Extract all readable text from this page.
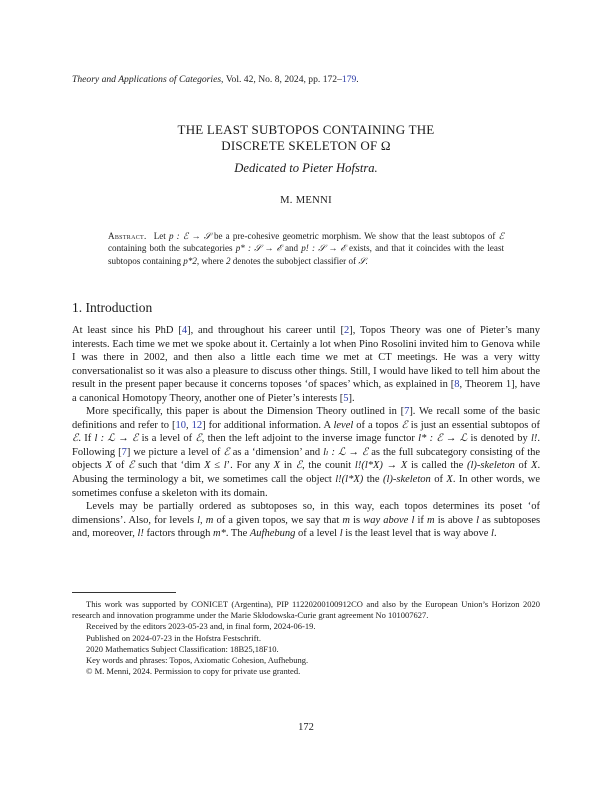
Theory and Applications of Categories, Vol. 42, No. 8, 2024, pp. 172–179.
THE LEAST SUBTOPOS CONTAINING THE
DISCRETE SKELETON OF Ω
Dedicated to Pieter Hofstra.
M. MENNI
Abstract. Let p : ℰ → 𝒮 be a pre-cohesive geometric morphism. We show that the least subtopos of ℰ containing both the subcategories p* : 𝒮 → ℰ and p! : 𝒮 → ℰ exists, and that it coincides with the least subtopos containing p*2, where 2 denotes the subobject classifier of 𝒮.
1. Introduction

At least since his PhD [4], and throughout his career until [2], Topos Theory was one of Pieter’s many interests. Each time we met we spoke about it. Certainly a lot when Pino Rosolini invited him to Genova while I was there in 2002, and then also a little each time we met at CT meetings. He was a very witty conversationalist so it was also a pleasure to discuss other things. Still, I would have liked to tell him about the result in the present paper because it concerns toposes ‘of spaces’ which, as explained in [8, Theorem 1], have a canonical Homotopy Theory, another one of Pieter’s interests [5].

More specifically, this paper is about the Dimension Theory outlined in [7]. We recall some of the basic definitions and refer to [10, 12] for additional information. A level of a topos ℰ is just an essential subtopos of ℰ. If l : ℒ → ℰ is a level of ℰ, then the left adjoint to the inverse image functor l* : ℰ → ℒ is denoted by l!. Following [7] we picture a level of ℰ as a ‘dimension’ and lₗ : ℒ → ℰ as the full subcategory consisting of the objects X of ℰ such that ‘dim X ≤ l’. For any X in ℰ, the counit l!(l*X) → X is called the (l)-skeleton of X. Abusing the terminology a bit, we sometimes call the object l!(l*X) the (l)-skeleton of X. In other words, we sometimes confuse a skeleton with its domain.

Levels may be partially ordered as subtoposes so, in this way, each topos determines its poset ‘of dimensions’. Also, for levels l, m of a given topos, we say that m is way above l if m is above l as subtoposes and, moreover, l! factors through m*. The Aufhebung of a level l is the least level that is way above l.

This work was supported by CONICET (Argentina), PIP 11220200100912CO and also by the European Union’s Horizon 2020 research and innovation programme under the Marie Skłodowska-Curie grant agreement No 101007627.

Received by the editors 2023-05-23 and, in final form, 2024-06-19.

Published on 2024-07-23 in the Hofstra Festschrift.

2020 Mathematics Subject Classification: 18B25,18F10.

Key words and phrases: Topos, Axiomatic Cohesion, Aufhebung.

© M. Menni, 2024. Permission to copy for private use granted.

172
